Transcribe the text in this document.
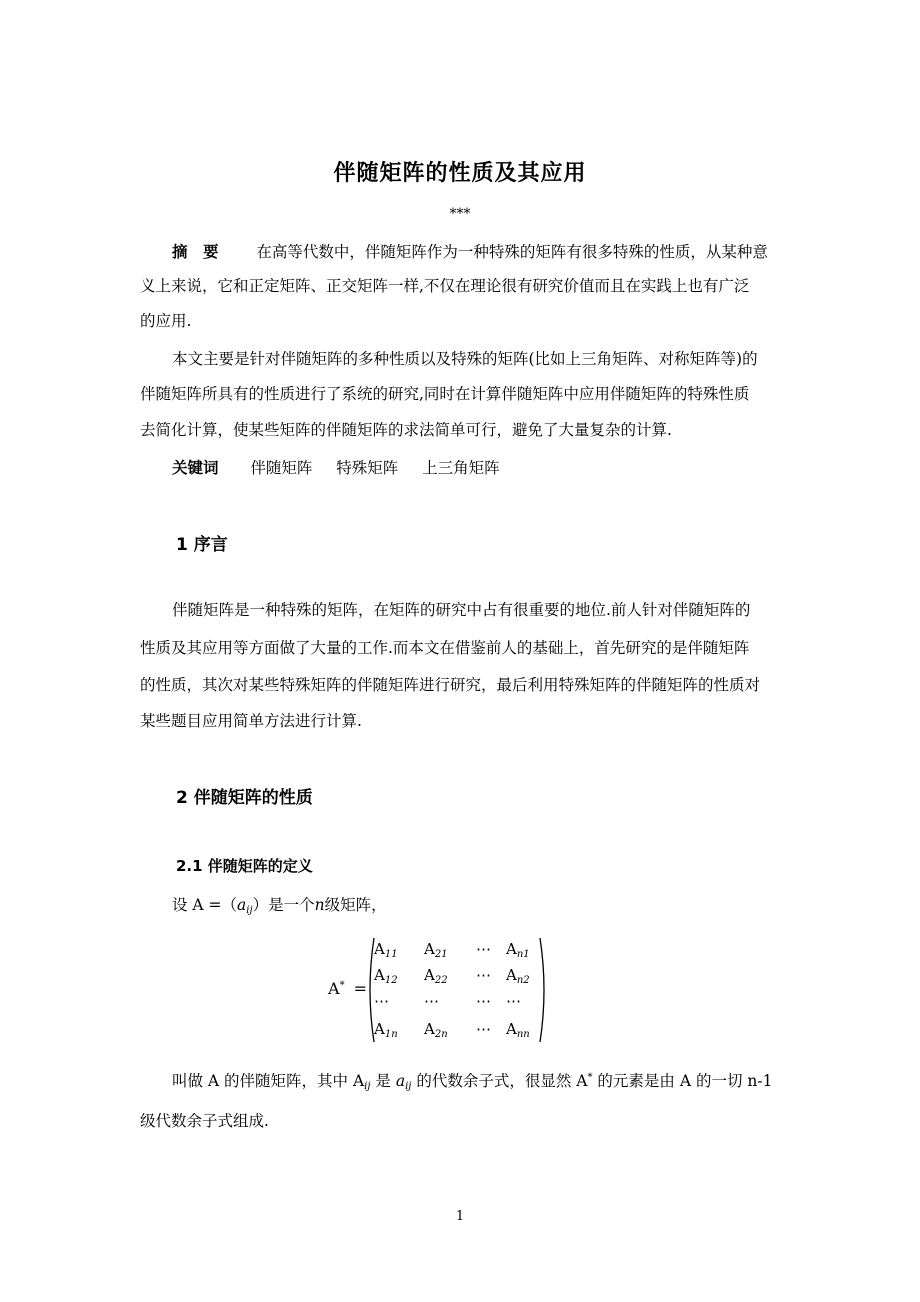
伴随矩阵的性质及其应用
***
摘　要 在高等代数中，伴随矩阵作为一种特殊的矩阵有很多特殊的性质，从某种意
义上来说，它和正定矩阵、正交矩阵一样,不仅在理论很有研究价值而且在实践上也有广泛
的应用.
本文主要是针对伴随矩阵的多种性质以及特殊的矩阵(比如上三角矩阵、对称矩阵等)的
伴随矩阵所具有的性质进行了系统的研究,同时在计算伴随矩阵中应用伴随矩阵的特殊性质
去简化计算，使某些矩阵的伴随矩阵的求法简单可行，避免了大量复杂的计算.
关键词 伴随矩阵 特殊矩阵 上三角矩阵
1 序言
伴随矩阵是一种特殊的矩阵，在矩阵的研究中占有很重要的地位.前人针对伴随矩阵的
性质及其应用等方面做了大量的工作.而本文在借鉴前人的基础上，首先研究的是伴随矩阵
的性质，其次对某些特殊矩阵的伴随矩阵进行研究，最后利用特殊矩阵的伴随矩阵的性质对
某些题目应用简单方法进行计算.
2 伴随矩阵的性质
2.1 伴随矩阵的定义
设 $A =(a_{ij})$是一个n级矩阵，
A* =
$A_{11}$	$A_{21}$	⋯	$A_{n1}$
$A_{12}$	$A_{22}$	⋯	$A_{n2}$
⋯	⋯	⋯	⋯
$A_{1n}$	$A_{2n}$	⋯	$A_{nn}$
叫做 A 的伴随矩阵，其中 $A_{ij}$ 是 $a_{ij}$ 的代数余子式，很显然 A* 的元素是由 A 的一切 n-1
级代数余子式组成.
1
